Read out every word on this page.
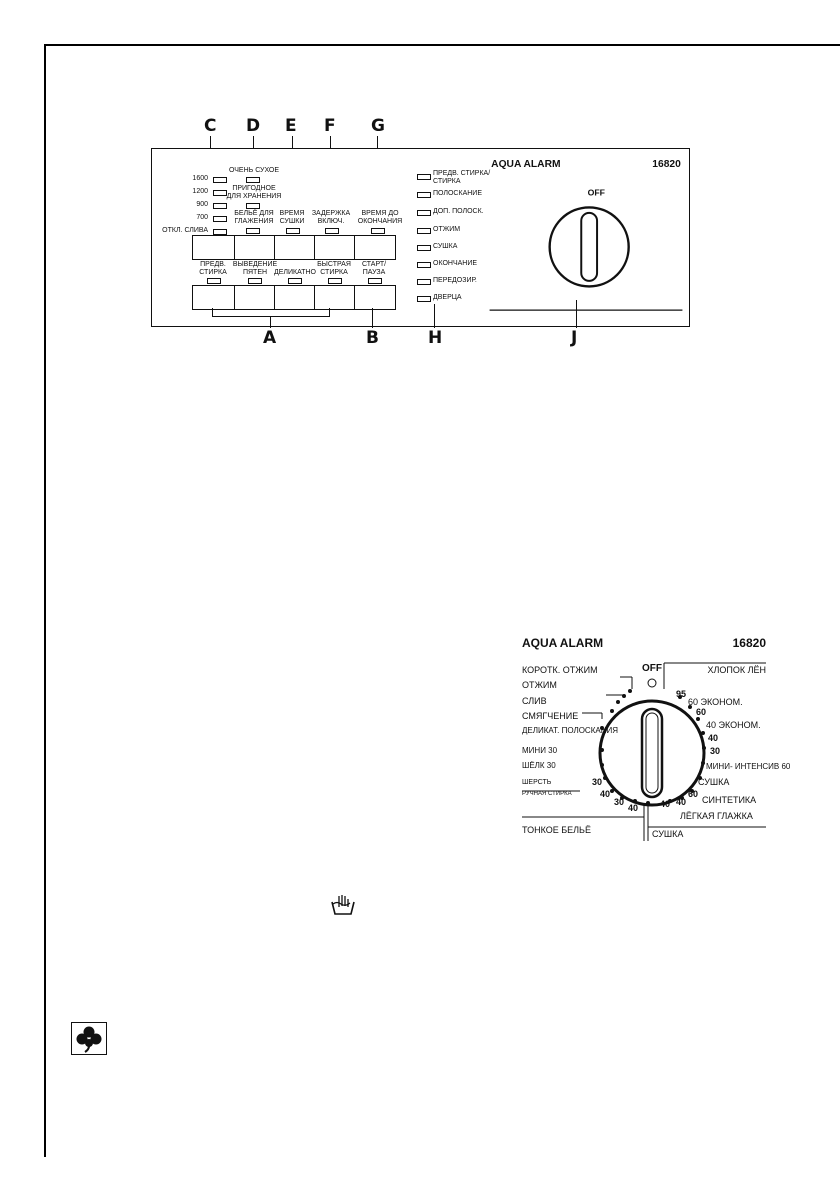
C D E F G
A	B	H	J
1600
1200
900
700
ОТКЛ. СЛИВА
ОЧЕНЬ СУХОЕ
ПРИГОДНОЕ ДЛЯ ХРАНЕНИЯ
БЕЛЬЁ ДЛЯ ГЛАЖЕНИЯ
ВРЕМЯ СУШКИ
ЗАДЕРЖКА ВКЛЮЧ.
ВРЕМЯ ДО ОКОНЧАНИЯ
ПРЕДВ. СТИРКА
ВЫВЕДЕНИЕ ПЯТЕН ДЕЛИКАТНО
БЫСТРАЯ СТИРКА
СТАРТ/ ПАУЗА
ПРЕДВ. СТИРКА/ СТИРКА
ПОЛОСКАНИЕ
ДОП. ПОЛОСК.
ОТЖИМ
СУШКА
ОКОНЧАНИЕ
ПЕРЕДОЗИР.
ДВЕРЦА
AQUA ALARM	16820
OFF
AQUA ALARM	16820
OFF
КОРОТК. ОТЖИМ
ОТЖИМ
СЛИВ
СМЯГЧЕНИЕ
ДЕЛИКАТ. ПОЛОСКАНИЯ
МИНИ 30
ШЁЛК 30
ШЕРСТЬ
РУЧНАЯ СТИРКА
ХЛОПОК ЛЁН
95
60 ЭКОНОМ.
60
40 ЭКОНОМ.
40
30
МИНИ- ИНТЕНСИВ 60
СУШКА
60
СИНТЕТИКА
40
ЛЁГКАЯ ГЛАЖКА
30
40
30
40 40
ТОНКОЕ БЕЛЬЁ	СУШКА
